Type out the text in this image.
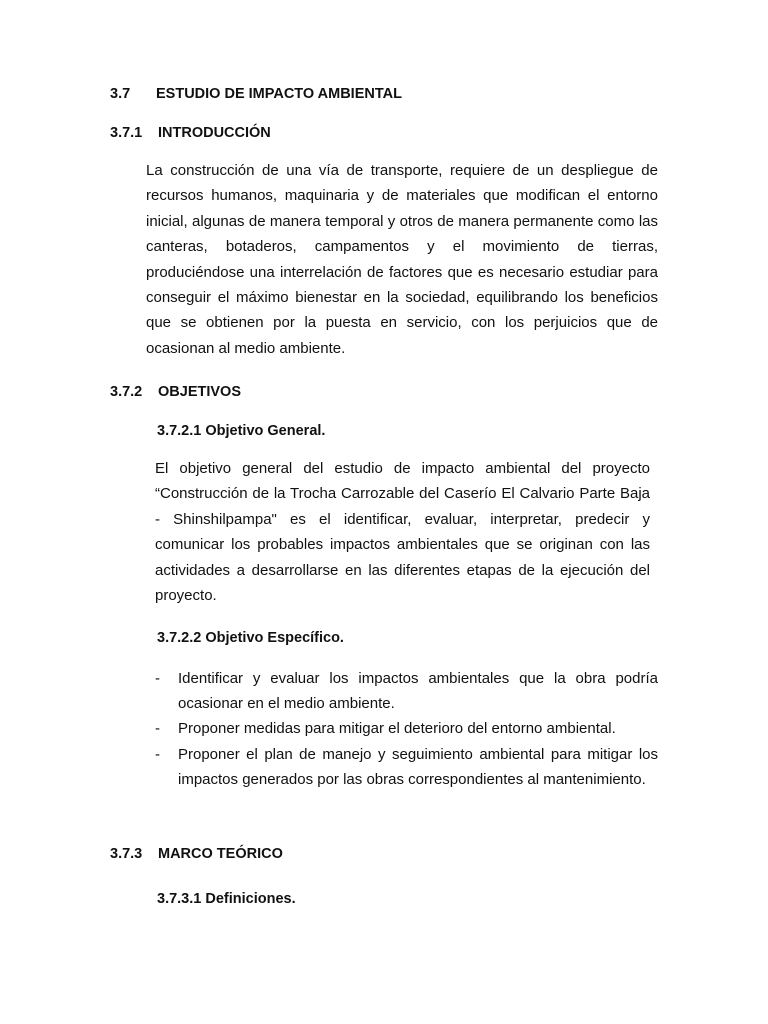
3.7 ESTUDIO DE IMPACTO AMBIENTAL
3.7.1 INTRODUCCIÓN

La construcción de una vía de transporte, requiere de un despliegue de recursos humanos, maquinaria y de materiales que modifican el entorno inicial, algunas de manera temporal y otros de manera permanente como las canteras, botaderos, campamentos y el movimiento de tierras, produciéndose una interrelación de factores que es necesario estudiar para conseguir el máximo bienestar en la sociedad, equilibrando los beneficios que se obtienen por la puesta en servicio, con los perjuicios que de ocasionan al medio ambiente.

3.7.2 OBJETIVOS
3.7.2.1 Objetivo General.

El objetivo general del estudio de impacto ambiental del proyecto “Construcción de la Trocha Carrozable del Caserío El Calvario Parte Baja - Shinshilpampa" es el identificar, evaluar, interpretar, predecir y comunicar los probables impactos ambientales que se originan con las actividades a desarrollarse en las diferentes etapas de la ejecución del proyecto.

3.7.2.2 Objetivo Específico.
- Identificar y evaluar los impactos ambientales que la obra podría ocasionar en el medio ambiente.
- Proponer medidas para mitigar el deterioro del entorno ambiental.
- Proponer el plan de manejo y seguimiento ambiental para mitigar los impactos generados por las obras correspondientes al mantenimiento.
3.7.3 MARCO TEÓRICO
3.7.3.1 Definiciones.
